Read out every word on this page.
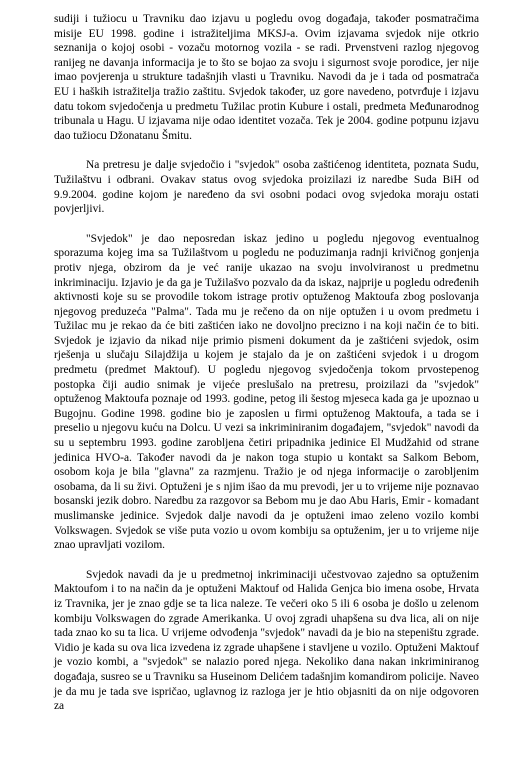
sudiji i tužiocu u Travniku dao izjavu u pogledu ovog događaja, također posmatračima misije EU 1998. godine i istražiteljima MKSJ-a. Ovim izjavama svjedok nije otkrio seznanija o kojoj osobi - vozaču motornog vozila - se radi. Prvenstveni razlog njegovog ranijeg ne davanja informacija je to što se bojao za svoju i sigurnost svoje porodice, jer nije imao povjerenja u strukture tadašnjih vlasti u Travniku. Navodi da je i tada od posmatrača EU i haških istražitelja tražio zaštitu. Svjedok također, uz gore navedeno, potvrđuje i izjavu datu tokom svjedočenja u predmetu Tužilac protin Kubure i ostali, predmeta Međunarodnog tribunala u Hagu. U izjavama nije odao identitet vozača. Tek je 2004. godine potpunu izjavu dao tužiocu Džonatanu Šmitu.

Na pretresu je dalje svjedočio i "svjedok" osoba zaštićenog identiteta, poznata Sudu, Tužilaštvu i odbrani. Ovakav status ovog svjedoka proizilazi iz naredbe Suda BiH od 9.9.2004. godine kojom je naređeno da svi osobni podaci ovog svjedoka moraju ostati povjerljivi.

"Svjedok" je dao neposredan iskaz jedino u pogledu njegovog eventualnog sporazuma kojeg ima sa Tužilaštvom u pogledu ne poduzimanja radnji krivičnog gonjenja protiv njega, obzirom da je već ranije ukazao na svoju involviranost u predmetnu inkriminaciju. Izjavio je da ga je Tužilašvo pozvalo da da iskaz, najprije u pogledu određenih aktivnosti koje su se provodile tokom istrage protiv optuženog Maktoufa zbog poslovanja njegovog preduzeća "Palma". Tada mu je rečeno da on nije optužen i u ovom predmetu i Tužilac mu je rekao da će biti zaštićen iako ne dovoljno precizno i na koji način će to biti. Svjedok je izjavio da nikad nije primio pismeni dokument da je zaštićeni svjedok, osim rješenja u slučaju Silajdžija u kojem je stajalo da je on zaštićeni svjedok i u drogom predmetu (predmet Maktouf). U pogledu njegovog svjedočenja tokom prvostepenog postopka čiji audio snimak je vijeće preslušalo na pretresu, proizilazi da "svjedok" optuženog Maktoufa poznaje od 1993. godine, petog ili šestog mjeseca kada ga je upoznao u Bugojnu. Godine 1998. godine bio je zaposlen u firmi optuženog Maktoufa, a tada se i preselio u njegovu kuću na Dolcu. U vezi sa inkriminiranim događajem, "svjedok" navodi da su u septembru 1993. godine zarobljena četiri pripadnika jedinice El Mudžahid od strane jedinica HVO-a. Također navodi da je nakon toga stupio u kontakt sa Salkom Bebom, osobom koja je bila "glavna" za razmjenu. Tražio je od njega informacije o zarobljenim osobama, da li su živi. Optuženi je s njim išao da mu prevodi, jer u to vrijeme nije poznavao bosanski jezik dobro. Naredbu za razgovor sa Bebom mu je dao Abu Haris, Emir - komadant muslimanske jedinice. Svjedok dalje navodi da je optuženi imao zeleno vozilo kombi Volkswagen. Svjedok se više puta vozio u ovom kombiju sa optuženim, jer u to vrijeme nije znao upravljati vozilom.

Svjedok navadi da je u predmetnoj inkriminaciji učestvovao zajedno sa optuženim Maktoufom i to na način da je optuženi Maktouf od Halida Genjca bio imena osobe, Hrvata iz Travnika, jer je znao gdje se ta lica naleze. Te večeri oko 5 ili 6 osoba je došlo u zelenom kombiju Volkswagen do zgrade Amerikanka. U ovoj zgradi uhapšena su dva lica, ali on nije tada znao ko su ta lica. U vrijeme odvođenja "svjedok" navadi da je bio na stepeništu zgrade. Vidio je kada su ova lica izvedena iz zgrade uhapšene i stavljene u vozilo. Optuženi Maktouf je vozio kombi, a "svjedok" se nalazio pored njega. Nekoliko dana nakan inkriminiranog događaja, susreo se u Travniku sa Huseinom Delićem tadašnjim komandirom policije. Naveo je da mu je tada sve ispričao, uglavnog iz razloga jer je htio objasniti da on nije odgovoren za
